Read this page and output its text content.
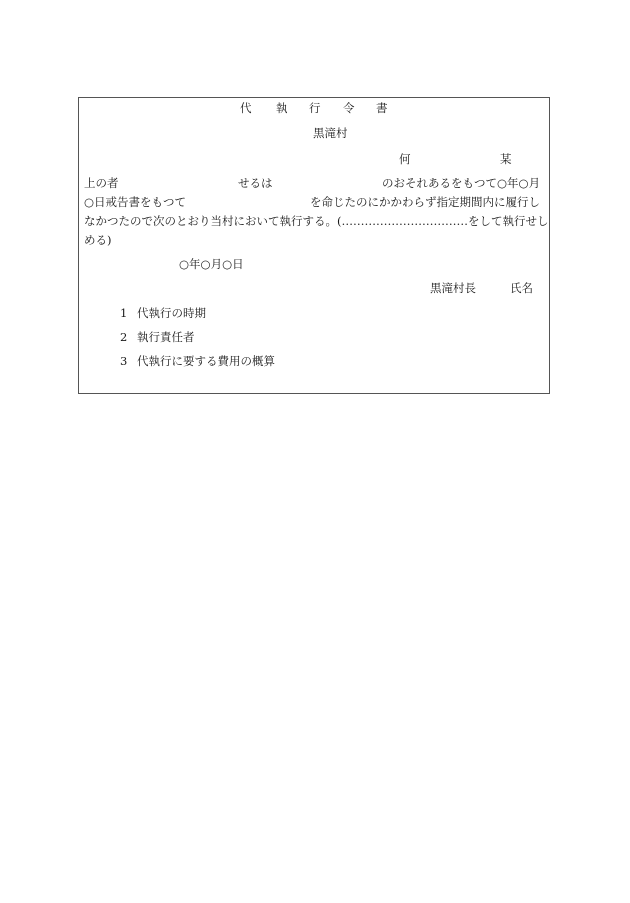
代 執 行 令 書
黒滝村
何	某
上の者	せるは	のおそれあるをもつて○年○月
○日戒告書をもつて	を命じたのにかかわらず指定期間内に履行し
なかつたので次のとおり当村において執行する。(……………………………をして執行せし
める)
○年○月○日
黒滝村長	氏名
1 代執行の時期
2 執行責任者
3 代執行に要する費用の概算
